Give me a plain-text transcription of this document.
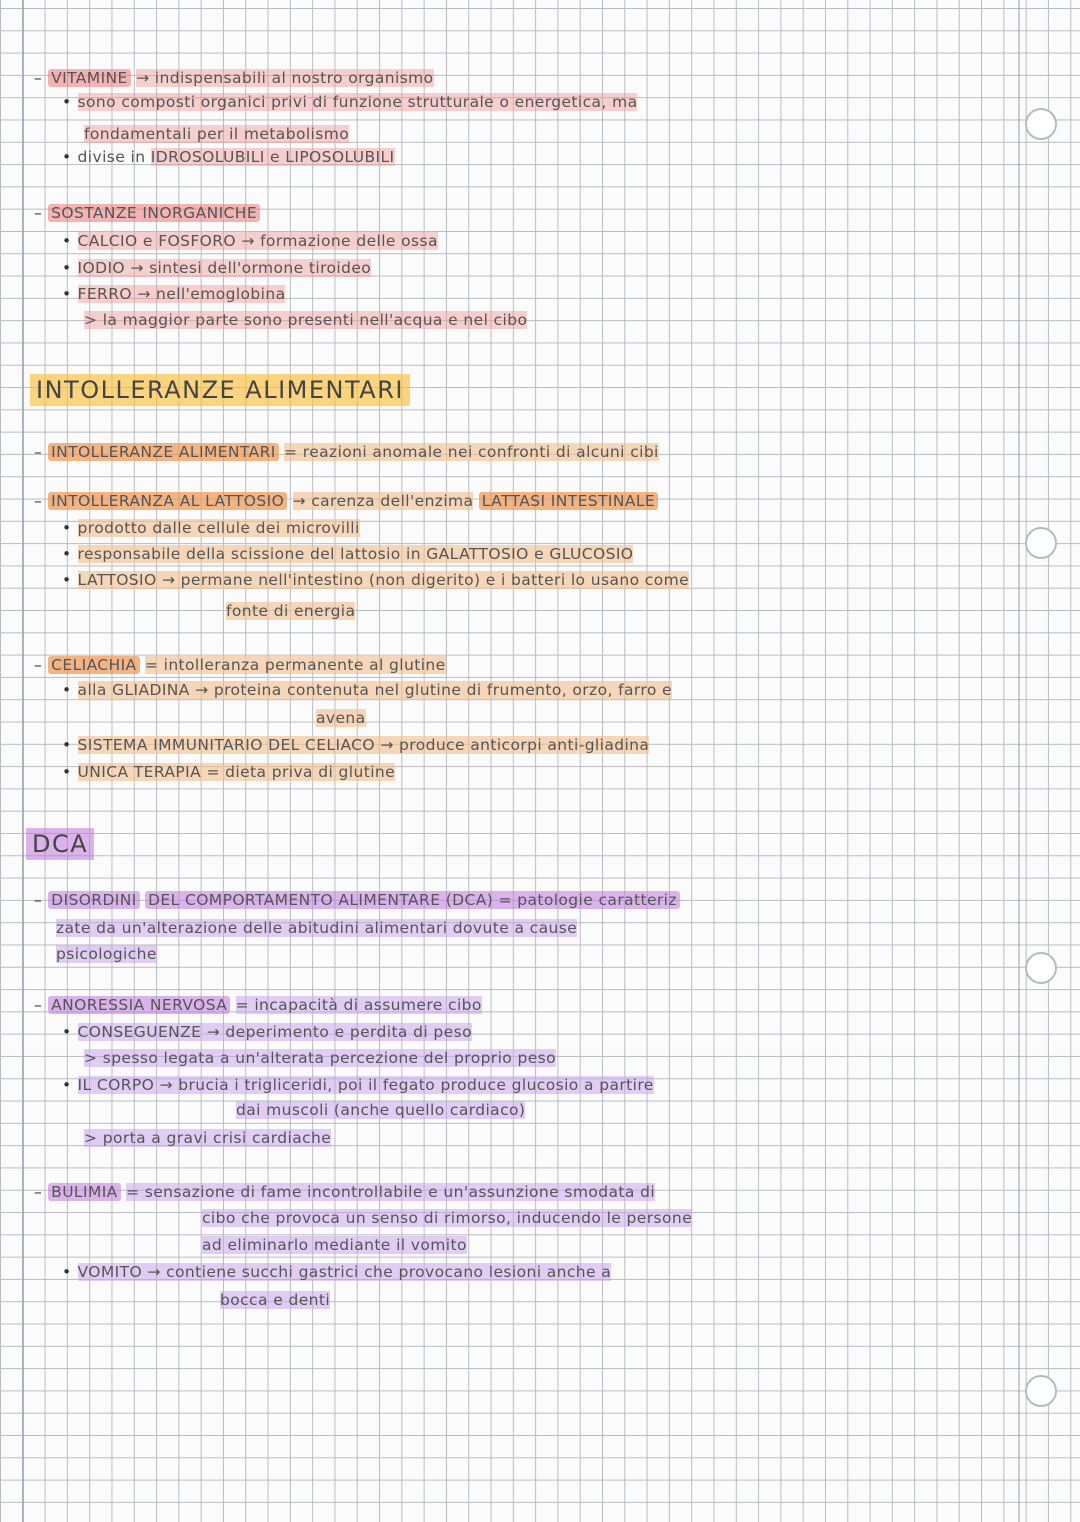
– VITAMINE → indispensabili al nostro organismo
• sono composti organici privi di funzione strutturale o energetica, ma
fondamentali per il metabolismo
• divise in IDROSOLUBILI e LIPOSOLUBILI
– SOSTANZE INORGANICHE
• CALCIO e FOSFORO → formazione delle ossa
• IODIO → sintesi dell'ormone tiroideo
• FERRO → nell'emoglobina
> la maggior parte sono presenti nell'acqua e nel cibo
INTOLLERANZE ALIMENTARI
– INTOLLERANZE ALIMENTARI = reazioni anomale nei confronti di alcuni cibi
– INTOLLERANZA AL LATTOSIO → carenza dell'enzima LATTASI INTESTINALE
• prodotto dalle cellule dei microvilli
• responsabile della scissione del lattosio in GALATTOSIO e GLUCOSIO
• LATTOSIO → permane nell'intestino (non digerito) e i batteri lo usano come
fonte di energia
– CELIACHIA = intolleranza permanente al glutine
• alla GLIADINA → proteina contenuta nel glutine di frumento, orzo, farro e
avena
• SISTEMA IMMUNITARIO DEL CELIACO → produce anticorpi anti-gliadina
• UNICA TERAPIA = dieta priva di glutine
DCA
– DISORDINI DEL COMPORTAMENTO ALIMENTARE (DCA) = patologie caratteriz
zate da un'alterazione delle abitudini alimentari dovute a cause
psicologiche
– ANORESSIA NERVOSA = incapacità di assumere cibo
• CONSEGUENZE → deperimento e perdita di peso
> spesso legata a un'alterata percezione del proprio peso
• IL CORPO → brucia i trigliceridi, poi il fegato produce glucosio a partire
dai muscoli (anche quello cardiaco)
> porta a gravi crisi cardiache
– BULIMIA = sensazione di fame incontrollabile e un'assunzione smodata di
cibo che provoca un senso di rimorso, inducendo le persone
ad eliminarlo mediante il vomito
• VOMITO → contiene succhi gastrici che provocano lesioni anche a
bocca e denti
